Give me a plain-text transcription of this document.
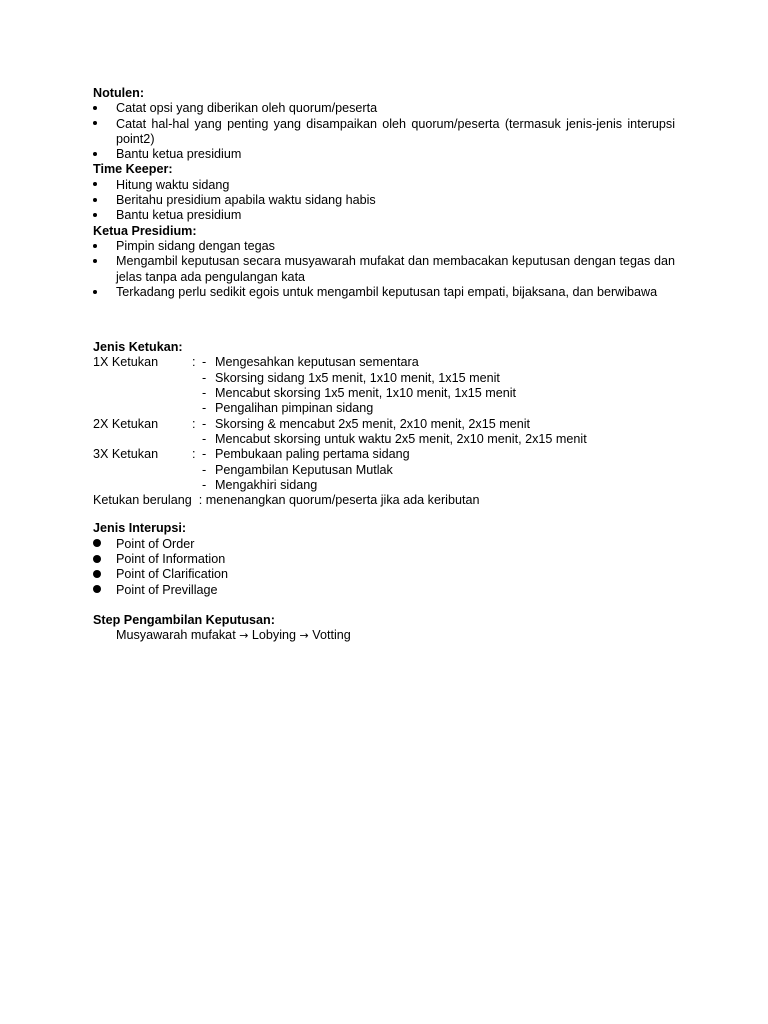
Notulen:

Catat opsi yang diberikan oleh quorum/peserta
Catat hal-hal yang penting yang disampaikan oleh quorum/peserta (termasuk jenis-jenis interupsi point2)
Bantu ketua presidium

Time Keeper:

Hitung waktu sidang
Beritahu presidium apabila waktu sidang habis
Bantu ketua presidium

Ketua Presidium:

Pimpin sidang dengan tegas
Mengambil keputusan secara musyawarah mufakat dan membacakan keputusan dengan tegas dan jelas tanpa ada pengulangan kata
Terkadang perlu sedikit egois untuk mengambil keputusan tapi empati, bijaksana, dan berwibawa

Jenis Ketukan:

1X Ketukan	: - Mengesahkan keputusan sementara
- Skorsing sidang 1x5 menit, 1x10 menit, 1x15 menit
- Mencabut skorsing 1x5 menit, 1x10 menit, 1x15 menit
- Pengalihan pimpinan sidang
2X Ketukan	: - Skorsing & mencabut 2x5 menit, 2x10 menit, 2x15 menit
- Mencabut skorsing untuk waktu 2x5 menit, 2x10 menit, 2x15 menit
3X Ketukan	: - Pembukaan paling pertama sidang
- Pengambilan Keputusan Mutlak
- Mengakhiri sidang
Ketukan berulang  : menenangkan quorum/peserta jika ada keributan

Jenis Interupsi:

Point of Order
Point of Information
Point of Clarification
Point of Previllage

Step Pengambilan Keputusan:

Musyawarah mufakat → Lobying → Votting
